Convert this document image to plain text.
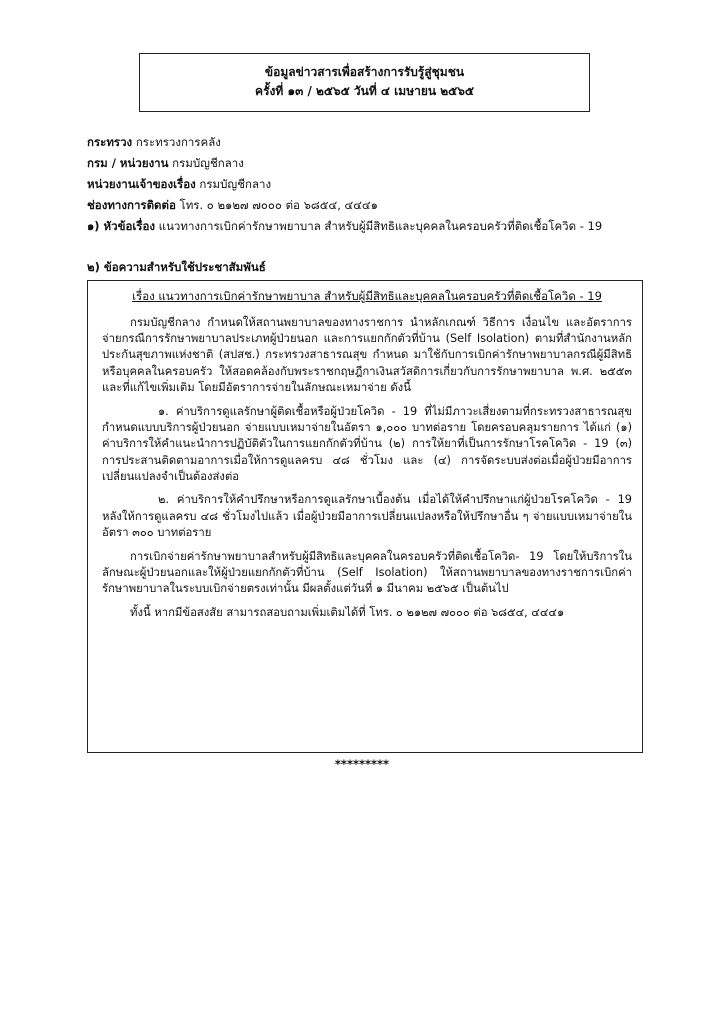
ข้อมูลข่าวสารเพื่อสร้างการรับรู้สู่ชุมชน
ครั้งที่ ๑๓ / ๒๕๖๕ วันที่ ๔ เมษายน ๒๕๖๕
กระทรวง กระทรวงการคลัง
กรม / หน่วยงาน กรมบัญชีกลาง
หน่วยงานเจ้าของเรื่อง กรมบัญชีกลาง
ช่องทางการติดต่อ โทร. ๐ ๒๑๒๗ ๗๐๐๐ ต่อ ๖๘๕๔, ๔๔๔๑
๑) หัวข้อเรื่อง แนวทางการเบิกค่ารักษาพยาบาล สำหรับผู้มีสิทธิและบุคคลในครอบครัวที่ติดเชื้อโควิด - 19
๒) ข้อความสำหรับใช้ประชาสัมพันธ์
เรื่อง แนวทางการเบิกค่ารักษาพยาบาล สำหรับผู้มีสิทธิและบุคคลในครอบครัวที่ติดเชื้อโควิด - 19

กรมบัญชีกลาง กำหนดให้สถานพยาบาลของทางราชการ นำหลักเกณฑ์ วิธีการ เงื่อนไข และอัตราการจ่ายกรณีการรักษาพยาบาลประเภทผู้ป่วยนอก และการแยกกักตัวที่บ้าน (Self Isolation) ตามที่สำนักงานหลักประกันสุขภาพแห่งชาติ (สปสช.) กระทรวงสาธารณสุข กำหนด มาใช้กับการเบิกค่ารักษาพยาบาลกรณีผู้มีสิทธิหรือบุคคลในครอบครัว ให้สอดคล้องกับพระราชกฤษฎีกาเงินสวัสดิการเกี่ยวกับการรักษาพยาบาล พ.ศ. ๒๕๕๓ และที่แก้ไขเพิ่มเติม โดยมีอัตราการจ่ายในลักษณะเหมาจ่าย ดังนี้

๑. ค่าบริการดูแลรักษาผู้ติดเชื้อหรือผู้ป่วยโควิด - 19 ที่ไม่มีภาวะเสี่ยงตามที่กระทรวงสาธารณสุขกำหนดแบบบริการผู้ป่วยนอก จ่ายแบบเหมาจ่ายในอัตรา ๑,๐๐๐ บาทต่อราย โดยครอบคลุมรายการ ได้แก่ (๑) ค่าบริการให้คำแนะนำการปฏิบัติตัวในการแยกกักตัวที่บ้าน (๒) การให้ยาที่เป็นการรักษาโรคโควิด - 19 (๓) การประสานติดตามอาการเมื่อให้การดูแลครบ ๔๘ ชั่วโมง และ (๔) การจัดระบบส่งต่อเมื่อผู้ป่วยมีอาการเปลี่ยนแปลงจำเป็นต้องส่งต่อ

๒. ค่าบริการให้คำปรึกษาหรือการดูแลรักษาเบื้องต้น เมื่อได้ให้คำปรึกษาแก่ผู้ป่วยโรคโควิด - 19 หลังให้การดูแลครบ ๔๘ ชั่วโมงไปแล้ว เมื่อผู้ป่วยมีอาการเปลี่ยนแปลงหรือให้ปรึกษาอื่น ๆ จ่ายแบบเหมาจ่ายในอัตรา ๓๐๐ บาทต่อราย

การเบิกจ่ายค่ารักษาพยาบาลสำหรับผู้มีสิทธิและบุคคลในครอบครัวที่ติดเชื้อโควิด- 19 โดยให้บริการในลักษณะผู้ป่วยนอกและให้ผู้ป่วยแยกกักตัวที่บ้าน (Self Isolation) ให้สถานพยาบาลของทางราชการเบิกค่ารักษาพยาบาลในระบบเบิกจ่ายตรงเท่านั้น มีผลตั้งแต่วันที่ ๑ มีนาคม ๒๕๖๕ เป็นต้นไป

ทั้งนี้ หากมีข้อสงสัย สามารถสอบถามเพิ่มเติมได้ที่ โทร. ๐ ๒๑๒๗ ๗๐๐๐ ต่อ ๖๘๕๔, ๔๔๔๑

*********
